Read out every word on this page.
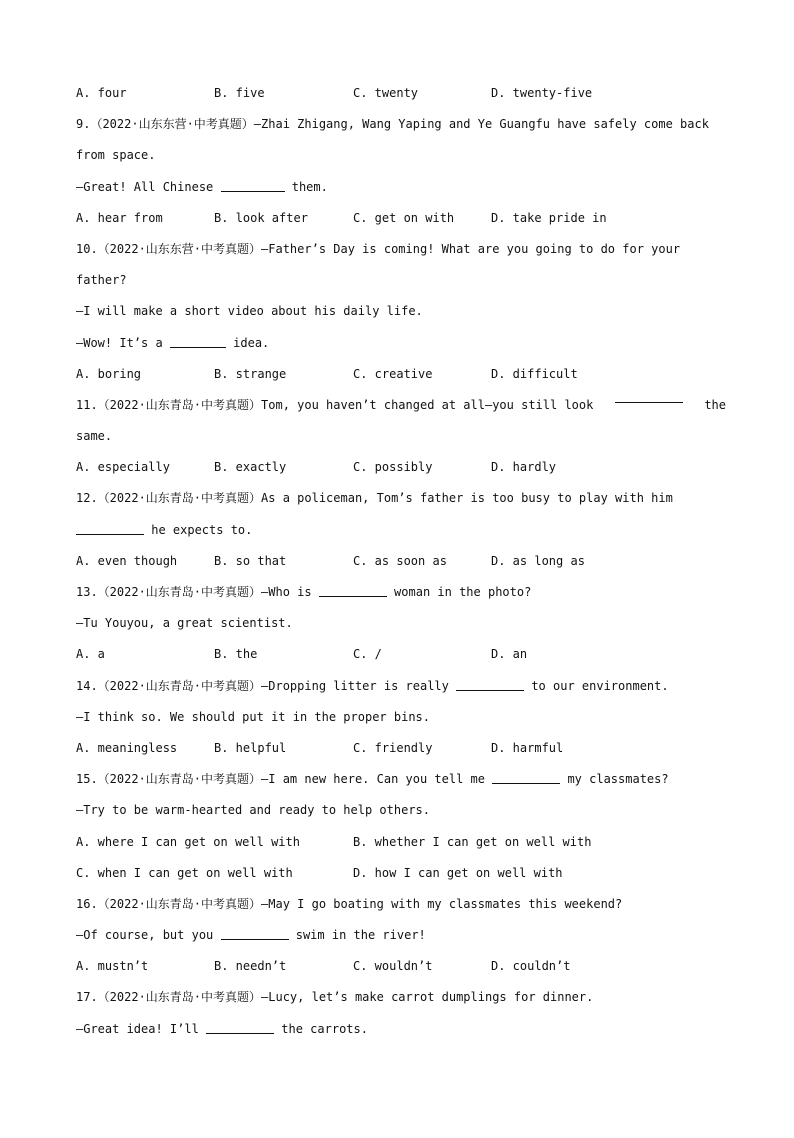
A. four

	B. five

	C. twenty

	D. twenty-five

9.（2022·山东东营·中考真题）—Zhai Zhigang, Wang Yaping and Ye Guangfu have safely come back
from space.
—Great! All Chinese	them.

A. hear from

	B. look after

	C. get on with

	D. take pride in

10.（2022·山东东营·中考真题）—Father’s Day is coming! What are you going to do for your
father?
—I will make a short video about his daily life.
—Wow! It’s a	idea.

A. boring

	B. strange

	C. creative

	D. difficult

11.（2022·山东青岛·中考真题）Tom, you haven’t changed at all—you still look	the
same.

A. especially

	B. exactly

	C. possibly

	D. hardly

12.（2022·山东青岛·中考真题）As a policeman, Tom’s father is too busy to play with him
he expects to.

A. even though

	B. so that

	C. as soon as

	D. as long as

13.（2022·山东青岛·中考真题）—Who is	woman in the photo?
—Tu Youyou, a great scientist.

A. a

	B. the

	C. /

	D. an

14.（2022·山东青岛·中考真题）—Dropping litter is really	to our environment.
—I think so. We should put it in the proper bins.

A. meaningless

	B. helpful

	C. friendly

	D. harmful

15.（2022·山东青岛·中考真题）—I am new here. Can you tell me	my classmates?
—Try to be warm-hearted and ready to help others.

A. where I can get on well with

	B. whether I can get on well with

C. when I can get on well with

	D. how I can get on well with

16.（2022·山东青岛·中考真题）—May I go boating with my classmates this weekend?
—Of course, but you	swim in the river!

A. mustn’t

	B. needn’t

	C. wouldn’t

	D. couldn’t

17.（2022·山东青岛·中考真题）—Lucy, let’s make carrot dumplings for dinner.
—Great idea! I’ll	the carrots.
